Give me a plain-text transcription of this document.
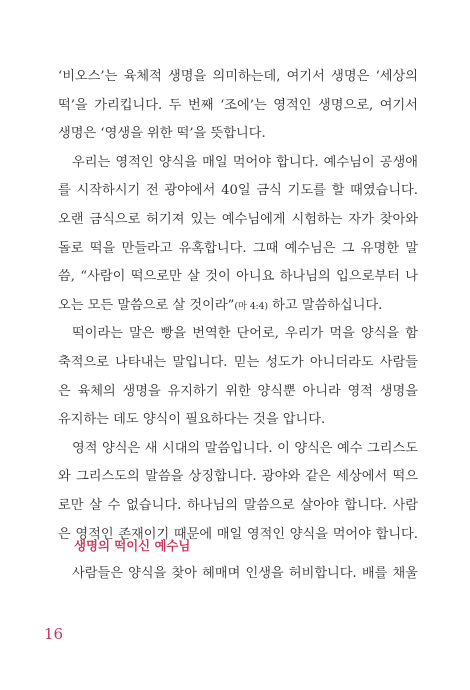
‘비오스’는 육체적 생명을 의미하는데, 여기서 생명은 ‘세상의
떡’을 가리킵니다. 두 번째 ‘조에’는 영적인 생명으로, 여기서
생명은 ‘영생을 위한 떡’을 뜻합니다.
우리는 영적인 양식을 매일 먹어야 합니다. 예수님이 공생애
를 시작하시기 전 광야에서 40일 금식 기도를 할 때였습니다.
오랜 금식으로 허기져 있는 예수님에게 시험하는 자가 찾아와
돌로 떡을 만들라고 유혹합니다. 그때 예수님은 그 유명한 말
씀, “사람이 떡으로만 살 것이 아니요 하나님의 입으로부터 나
오는 모든 말씀으로 살 것이라”(마 4:4) 하고 말씀하십니다.
떡이라는 말은 빵을 번역한 단어로, 우리가 먹을 양식을 함
축적으로 나타내는 말입니다. 믿는 성도가 아니더라도 사람들
은 육체의 생명을 유지하기 위한 양식뿐 아니라 영적 생명을
유지하는 데도 양식이 필요하다는 것을 압니다.
영적 양식은 새 시대의 말씀입니다. 이 양식은 예수 그리스도
와 그리스도의 말씀을 상징합니다. 광야와 같은 세상에서 떡으
로만 살 수 없습니다. 하나님의 말씀으로 살아야 합니다. 사람
은 영적인 존재이기 때문에 매일 영적인 양식을 먹어야 합니다.
생명의 떡이신 예수님
사람들은 양식을 찾아 헤매며 인생을 허비합니다. 배를 채울
16
